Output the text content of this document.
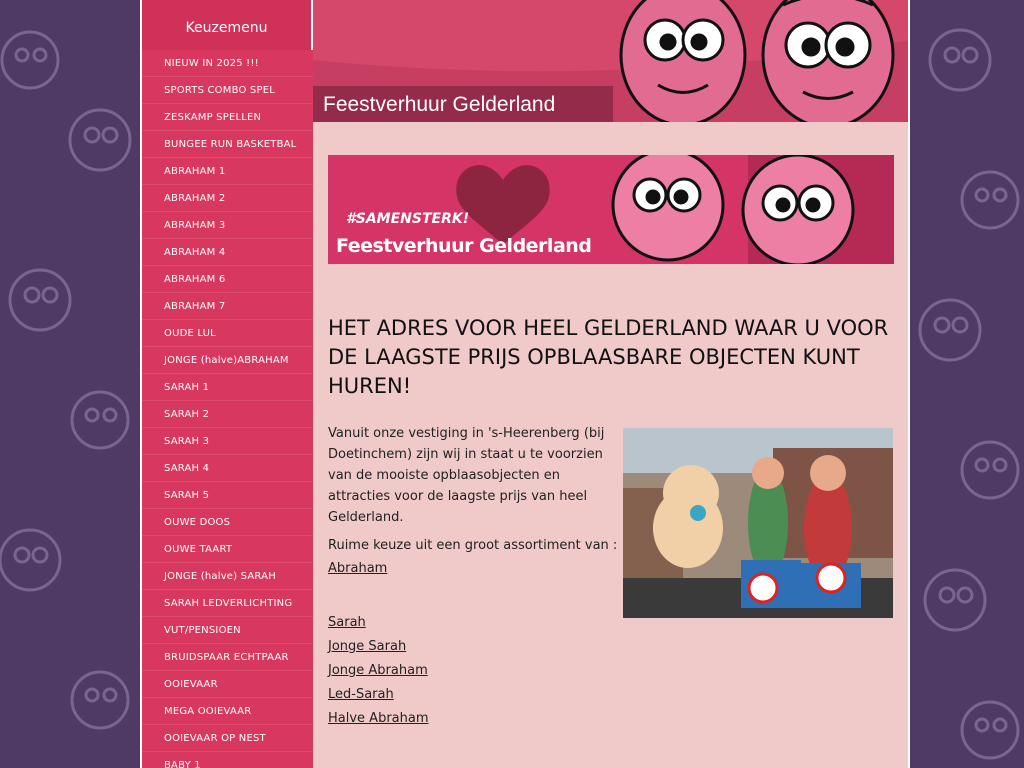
Keuzemenu
NIEUW IN 2025 !!!
SPORTS COMBO SPEL
ZESKAMP SPELLEN
BUNGEE RUN BASKETBAL
ABRAHAM 1
ABRAHAM 2
ABRAHAM 3
ABRAHAM 4
ABRAHAM 6
ABRAHAM 7
OUDE LUL
JONGE (halve)ABRAHAM
SARAH 1
SARAH 2
SARAH 3
SARAH 4
SARAH 5
OUWE DOOS
OUWE TAART
JONGE (halve) SARAH
SARAH LEDVERLICHTING
VUT/PENSIOEN
BRUIDSPAAR ECHTPAAR
OOIEVAAR
MEGA OOIEVAAR
OOIEVAAR OP NEST
BABY 1
Feestverhuur Gelderland
#SAMENSTERK!
Feestverhuur Gelderland
HET ADRES VOOR HEEL GELDERLAND WAAR U VOOR DE LAAGSTE PRIJS OPBLAASBARE OBJECTEN KUNT HUREN!

Vanuit onze vestiging in 's-Heerenberg (bij Doetinchem) zijn wij in staat u te voorzien van de mooiste opblaasobjecten en attracties voor de laagste prijs van heel Gelderland.

Ruime keuze uit een groot assortiment van :

Abraham
Sarah
Jonge Sarah
Jonge Abraham
Led-Sarah
Halve Abraham
